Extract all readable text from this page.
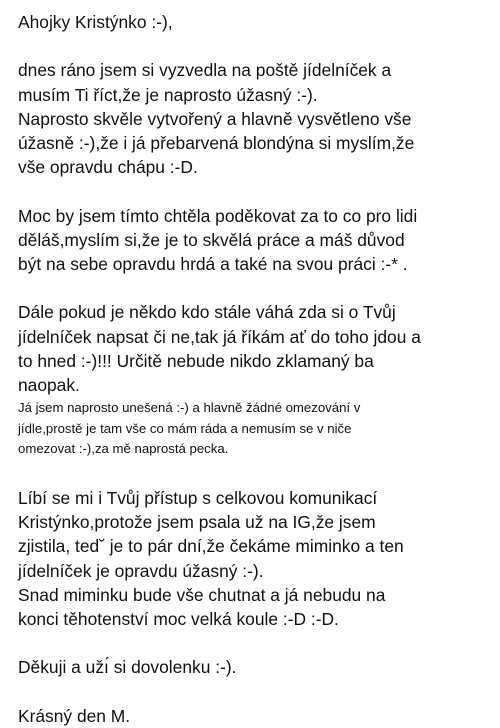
Ahojky Kristýnko :-),
dnes ráno jsem si vyzvedla na poště jídelníček a
musím Ti říct,že je naprosto úžasný :-).
Naprosto skvěle vytvořený a hlavně vysvětleno vše
úžasně :-),že i já přebarvená blondýna si myslím,že
vše opravdu chápu :-D.
Moc by jsem tímto chtěla poděkovat za to co pro lidi
děláš,myslím si,že je to skvělá práce a máš důvod
být na sebe opravdu hrdá a také na svou práci :-* .
Dále pokud je někdo kdo stále váhá zda si o Tvůj
jídelníček napsat či ne,tak já říkám ať do toho jdou a
to hned :-)!!! Určitě nebude nikdo zklamaný ba
naopak.
Já jsem naprosto unešená :-) a hlavně žádné omezování v
jídle,prostě je tam vše co mám ráda a nemusím se v niče
omezovat :-),za mě naprostá pecka.
Líbí se mi i Tvůj přístup s celkovou komunikací
Kristýnko,protože jsem psala už na IG,že jsem
zjistila, ted˘ je to pár dní,že čekáme miminko a ten
jídelníček je opravdu úžasný :-).
Snad miminku bude vše chutnat a já nebudu na
konci těhotenství moc velká koule :-D :-D.
Děkuji a užı́ si dovolenku :-).
Krásný den M.
